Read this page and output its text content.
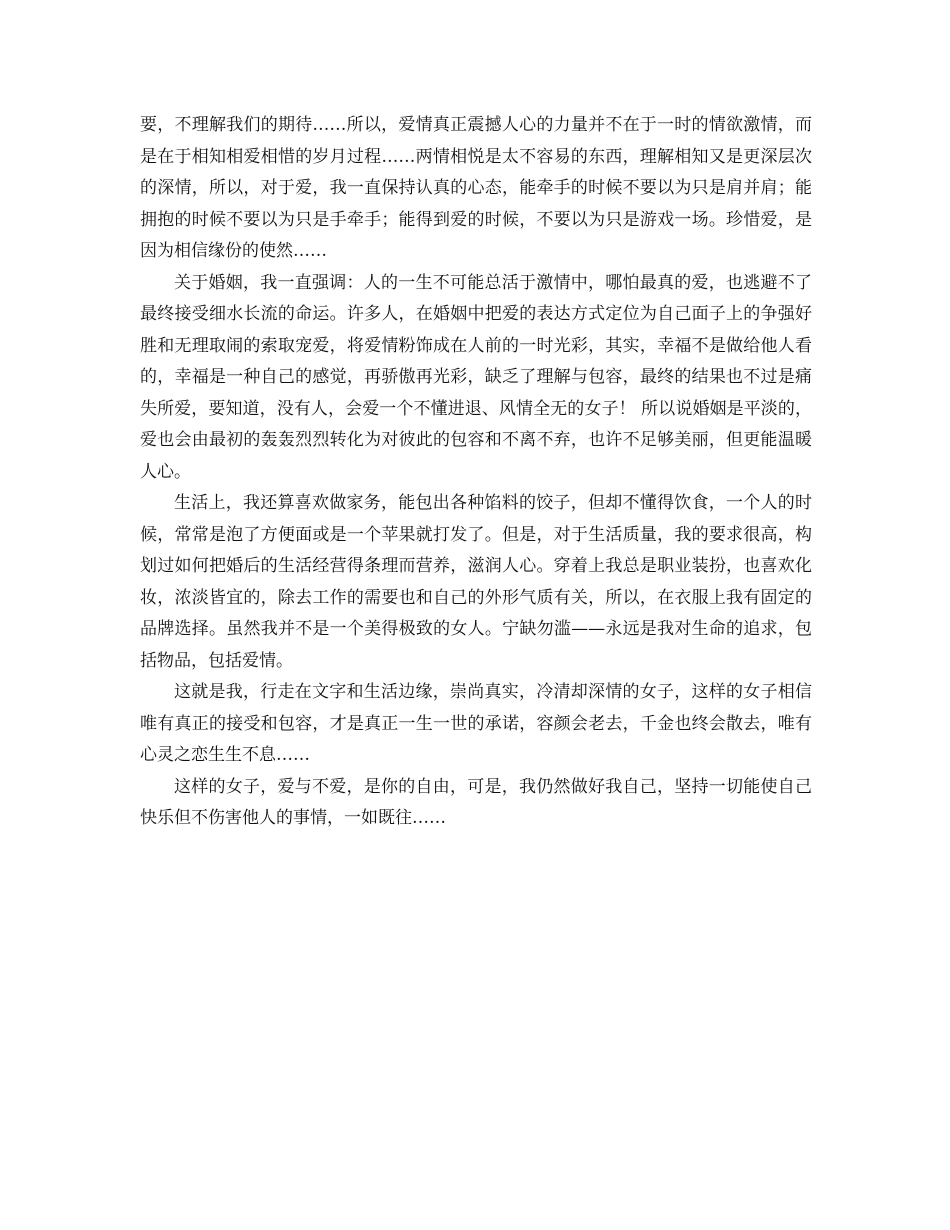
要，不理解我们的期待……所以，爱情真正震撼人心的力量并不在于一时的情欲激情，而是在于相知相爱相惜的岁月过程……两情相悦是太不容易的东西，理解相知又是更深层次的深情，所以，对于爱，我一直保持认真的心态，能牵手的时候不要以为只是肩并肩；能拥抱的时候不要以为只是手牵手；能得到爱的时候，不要以为只是游戏一场。珍惜爱，是因为相信缘份的使然……

关于婚姻，我一直强调：人的一生不可能总活于激情中，哪怕最真的爱，也逃避不了最终接受细水长流的命运。许多人，在婚姻中把爱的表达方式定位为自己面子上的争强好胜和无理取闹的索取宠爱，将爱情粉饰成在人前的一时光彩，其实，幸福不是做给他人看的，幸福是一种自己的感觉，再骄傲再光彩，缺乏了理解与包容，最终的结果也不过是痛失所爱，要知道，没有人，会爱一个不懂进退、风情全无的女子！ 所以说婚姻是平淡的，爱也会由最初的轰轰烈烈转化为对彼此的包容和不离不弃，也许不足够美丽，但更能温暖人心。

生活上，我还算喜欢做家务，能包出各种馅料的饺子，但却不懂得饮食，一个人的时候，常常是泡了方便面或是一个苹果就打发了。但是，对于生活质量，我的要求很高，构划过如何把婚后的生活经营得条理而营养，滋润人心。穿着上我总是职业装扮，也喜欢化妆，浓淡皆宜的，除去工作的需要也和自己的外形气质有关，所以，在衣服上我有固定的品牌选择。虽然我并不是一个美得极致的女人。宁缺勿滥——永远是我对生命的追求，包括物品，包括爱情。

这就是我，行走在文字和生活边缘，崇尚真实，冷清却深情的女子，这样的女子相信唯有真正的接受和包容，才是真正一生一世的承诺，容颜会老去，千金也终会散去，唯有心灵之恋生生不息……

这样的女子，爱与不爱，是你的自由，可是，我仍然做好我自己，坚持一切能使自己快乐但不伤害他人的事情，一如既往……
